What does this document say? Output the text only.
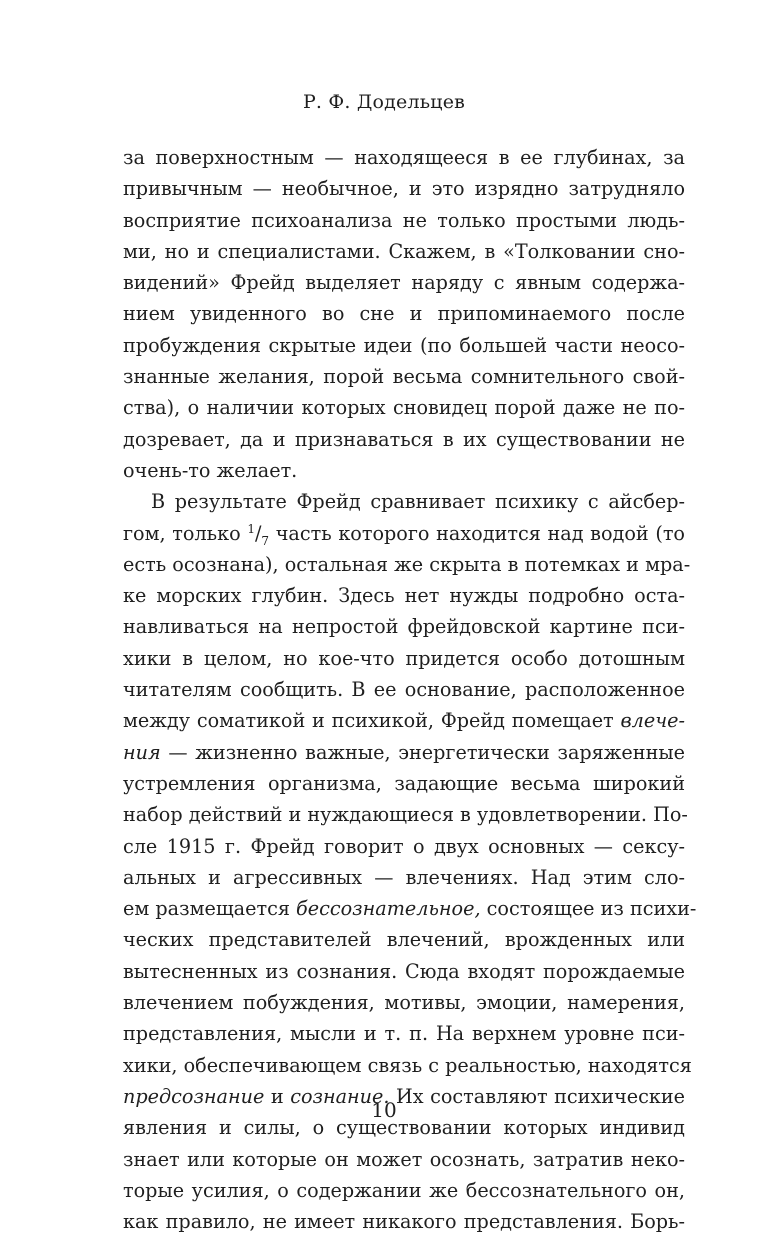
Р. Ф. Додельцев
за поверхностным — находящееся в ее глубинах, за
привычным — необычное, и это изрядно затрудняло
восприятие психоанализа не только простыми людь-
ми, но и специалистами. Скажем, в «Толковании сно-
видений» Фрейд выделяет наряду с явным содержа-
нием увиденного во сне и припоминаемого после
пробуждения скрытые идеи (по большей части неосо-
знанные желания, порой весьма сомнительного свой-
ства), о наличии которых сновидец порой даже не по-
дозревает, да и признаваться в их существовании не
очень-то желает.
В результате Фрейд сравнивает психику с айсбер-
гом, только $^1/_7$ часть которого находится над водой (то
есть осознана), остальная же скрыта в потемках и мра-
ке морских глубин. Здесь нет нужды подробно оста-
навливаться на непростой фрейдовской картине пси-
хики в целом, но кое-что придется особо дотошным
читателям сообщить. В ее основание, расположенное
между соматикой и психикой, Фрейд помещает влече-
ния — жизненно важные, энергетически заряженные
устремления организма, задающие весьма широкий
набор действий и нуждающиеся в удовлетворении. По-
сле 1915 г. Фрейд говорит о двух основных — сексу-
альных и агрессивных — влечениях. Над этим сло-
ем размещается бессознательное, состоящее из психи-
ческих представителей влечений, врожденных или
вытесненных из сознания. Сюда входят порождаемые
влечением побуждения, мотивы, эмоции, намерения,
представления, мысли и т. п. На верхнем уровне пси-
хики, обеспечивающем связь с реальностью, находятся
предсознание и сознание. Их составляют психические
явления и силы, о существовании которых индивид
знает или которые он может осознать, затратив неко-
торые усилия, о содержании же бессознательного он,
как правило, не имеет никакого представления. Борь-
10
